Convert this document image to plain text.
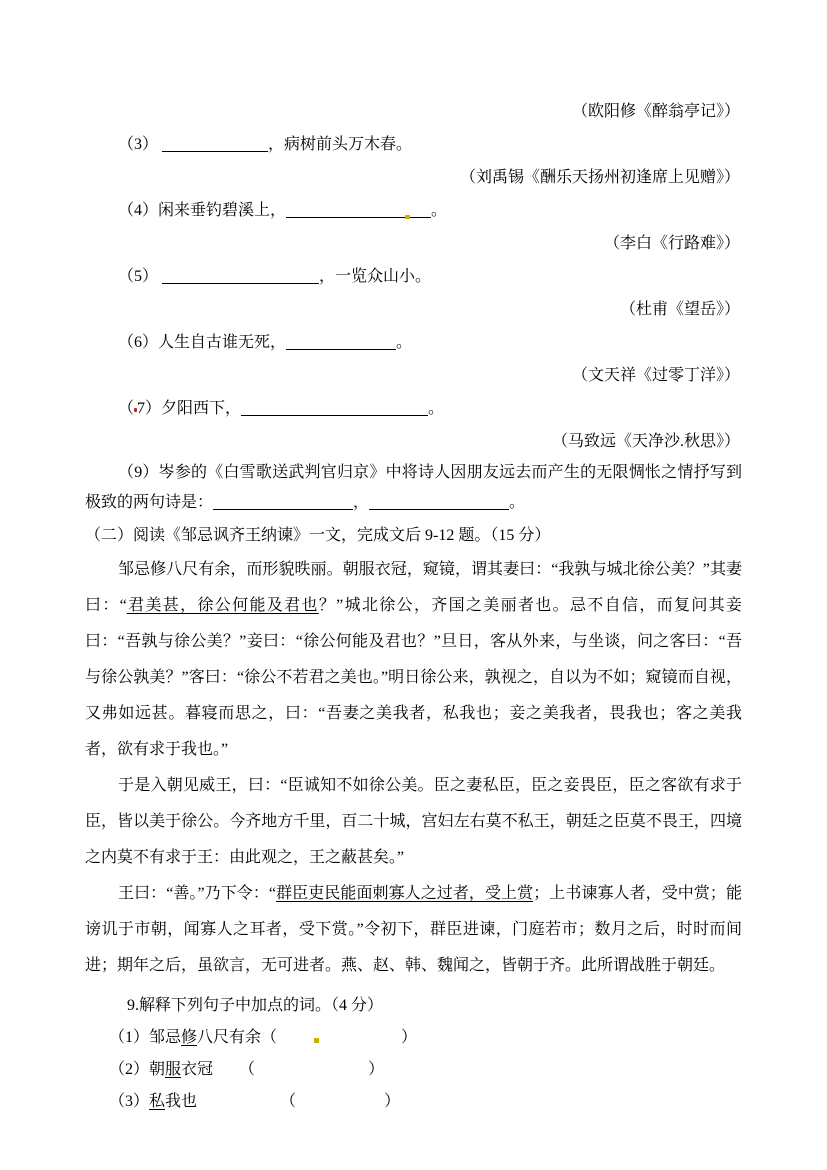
（欧阳修《醉翁亭记》）
（3）	，病树前头万木春。
（刘禹锡《酬乐天扬州初逢席上见赠》）
（4）闲来垂钓碧溪上，	。
（李白《行路难》）
（5）	，一览众山小。
（杜甫《望岳》）
（6）人生自古谁无死，	。
（文天祥《过零丁洋》）
（ 7）夕阳西下，	。
（马致远《天净沙.秋思》）
（9）岑参的《白雪歌送武判官归京》中将诗人因朋友远去而产生的无限惆怅之情抒写到极致的两句诗是：	，	。
（二）阅读《邹忌讽齐王纳谏》一文，完成文后 9-12 题。（15 分）
邹忌修八尺有余，而形貌昳丽。朝服衣冠，窥镜，谓其妻曰：“我孰与城北徐公美？”其妻曰：“君美甚，徐公何能及君也？”城北徐公，齐国之美丽者也。忌不自信，而复问其妾曰：“吾孰与徐公美？”妾曰：“徐公何能及君也？”旦日，客从外来，与坐谈，问之客曰：“吾与徐公孰美？”客曰：“徐公不若君之美也。”明日徐公来，孰视之，自以为不如；窥镜而自视，又弗如远甚。暮寝而思之，曰：“吾妻之美我者，私我也；妾之美我者，畏我也；客之美我者，欲有求于我也。”
于是入朝见威王，曰：“臣诚知不如徐公美。臣之妻私臣，臣之妾畏臣，臣之客欲有求于臣，皆以美于徐公。今齐地方千里，百二十城，宫妇左右莫不私王，朝廷之臣莫不畏王，四境之内莫不有求于王：由此观之，王之蔽甚矣。”
王曰：“善。”乃下令：“群臣吏民能面刺寡人之过者，受上赏；上书谏寡人者，受中赏；能谤讥于市朝，闻寡人之耳者，受下赏。”令初下，群臣进谏，门庭若市；数月之后，时时而间进；期年之后，虽欲言，无可进者。燕、赵、韩、魏闻之，皆朝于齐。此所谓战胜于朝廷。
9.解释下列句子中加点的词。（4 分）
（1）邹忌修八尺有余（	）
（2）朝服衣冠 （	）
（3）私我也	（	）
